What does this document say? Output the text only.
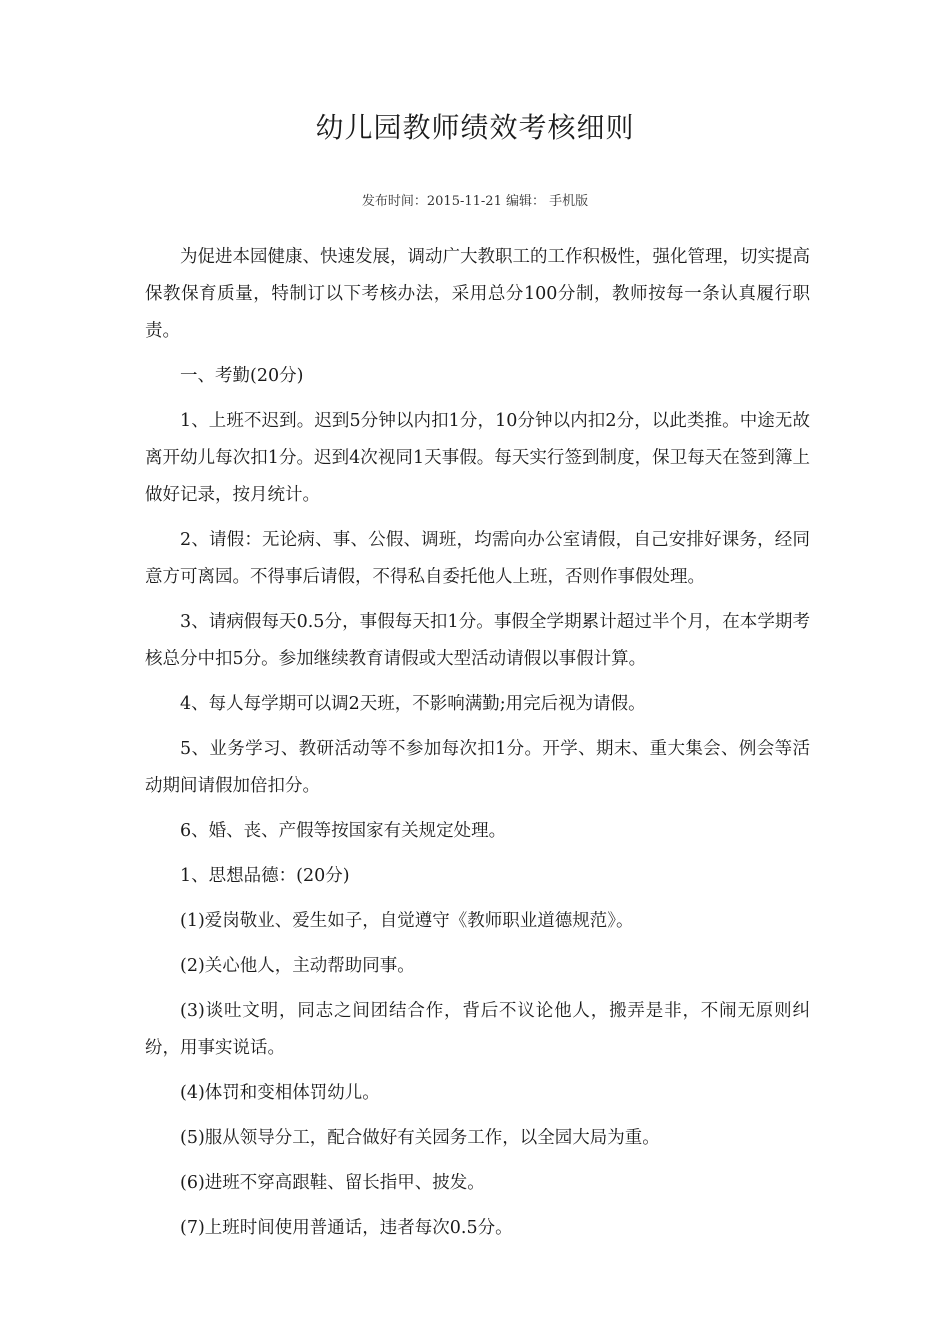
幼儿园教师绩效考核细则
发布时间：2015-11-21 编辑： 手机版

为促进本园健康、快速发展，调动广大教职工的工作积极性，强化管理，切实提高保教保育质量，特制订以下考核办法，采用总分100分制，教师按每一条认真履行职责。

一、考勤(20分)

1、上班不迟到。迟到5分钟以内扣1分，10分钟以内扣2分，以此类推。中途无故离开幼儿每次扣1分。迟到4次视同1天事假。每天实行签到制度，保卫每天在签到簿上做好记录，按月统计。

2、请假：无论病、事、公假、调班，均需向办公室请假，自己安排好课务，经同意方可离园。不得事后请假，不得私自委托他人上班，否则作事假处理。

3、请病假每天0.5分，事假每天扣1分。事假全学期累计超过半个月，在本学期考核总分中扣5分。参加继续教育请假或大型活动请假以事假计算。

4、每人每学期可以调2天班，不影响满勤;用完后视为请假。

5、业务学习、教研活动等不参加每次扣1分。开学、期末、重大集会、例会等活动期间请假加倍扣分。

6、婚、丧、产假等按国家有关规定处理。

1、思想品德：(20分)

(1)爱岗敬业、爱生如子，自觉遵守《教师职业道德规范》。

(2)关心他人，主动帮助同事。

(3)谈吐文明，同志之间团结合作，背后不议论他人，搬弄是非，不闹无原则纠纷，用事实说话。

(4)体罚和变相体罚幼儿。

(5)服从领导分工，配合做好有关园务工作，以全园大局为重。

(6)进班不穿高跟鞋、留长指甲、披发。

(7)上班时间使用普通话，违者每次0.5分。
